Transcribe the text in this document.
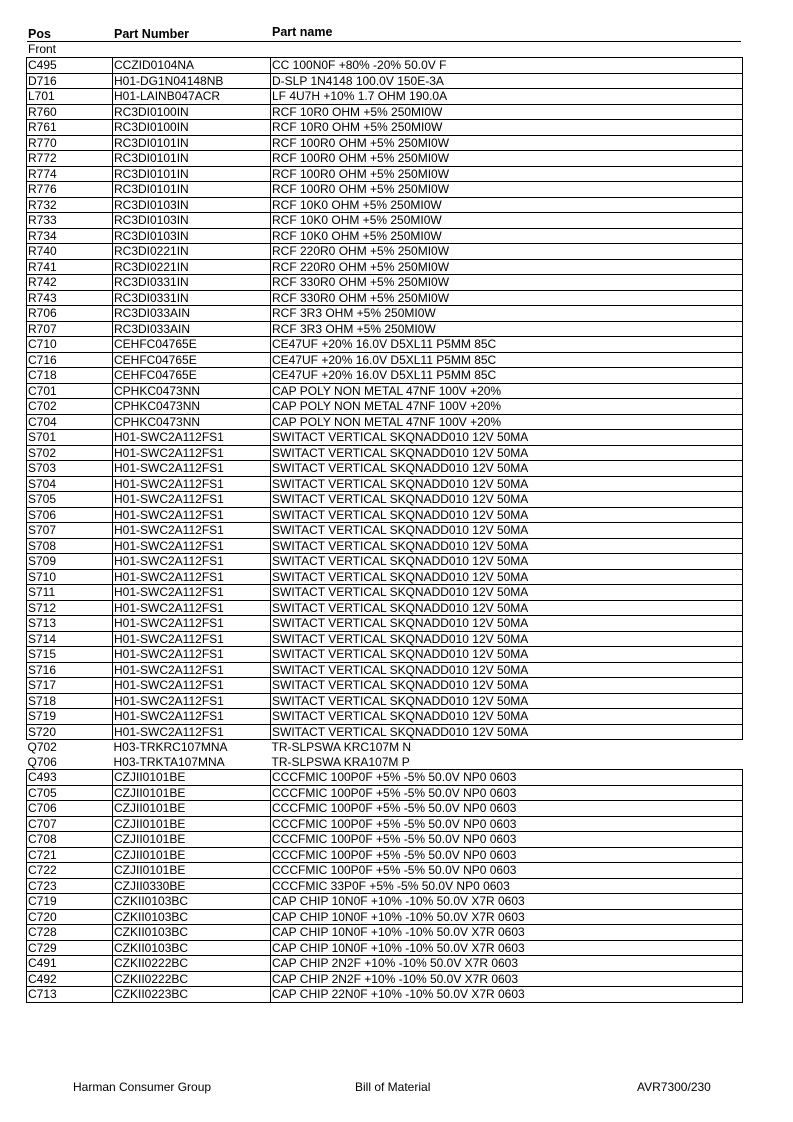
Pos	Part Number	Part name
Front
C495	CCZID0104NA	CC 100N0F +80% -20% 50.0V F
D716	H01-DG1N04148NB	D-SLP 1N4148 100.0V 150E-3A
L701	H01-LAINB047ACR	LF 4U7H +10% 1.7 OHM 190.0A
R760	RC3DI0100IN	RCF 10R0 OHM +5% 250MI0W
R761	RC3DI0100IN	RCF 10R0 OHM +5% 250MI0W
R770	RC3DI0101IN	RCF 100R0 OHM +5% 250MI0W
R772	RC3DI0101IN	RCF 100R0 OHM +5% 250MI0W
R774	RC3DI0101IN	RCF 100R0 OHM +5% 250MI0W
R776	RC3DI0101IN	RCF 100R0 OHM +5% 250MI0W
R732	RC3DI0103IN	RCF 10K0 OHM +5% 250MI0W
R733	RC3DI0103IN	RCF 10K0 OHM +5% 250MI0W
R734	RC3DI0103IN	RCF 10K0 OHM +5% 250MI0W
R740	RC3DI0221IN	RCF 220R0 OHM +5% 250MI0W
R741	RC3DI0221IN	RCF 220R0 OHM +5% 250MI0W
R742	RC3DI0331IN	RCF 330R0 OHM +5% 250MI0W
R743	RC3DI0331IN	RCF 330R0 OHM +5% 250MI0W
R706	RC3DI033AIN	RCF 3R3 OHM +5% 250MI0W
R707	RC3DI033AIN	RCF 3R3 OHM +5% 250MI0W
C710	CEHFC04765E	CE47UF +20% 16.0V D5XL11 P5MM 85C
C716	CEHFC04765E	CE47UF +20% 16.0V D5XL11 P5MM 85C
C718	CEHFC04765E	CE47UF +20% 16.0V D5XL11 P5MM 85C
C701	CPHKC0473NN	CAP POLY NON METAL 47NF 100V +20%
C702	CPHKC0473NN	CAP POLY NON METAL 47NF 100V +20%
C704	CPHKC0473NN	CAP POLY NON METAL 47NF 100V +20%
S701	H01-SWC2A112FS1	SWITACT VERTICAL SKQNADD010 12V 50MA
S702	H01-SWC2A112FS1	SWITACT VERTICAL SKQNADD010 12V 50MA
S703	H01-SWC2A112FS1	SWITACT VERTICAL SKQNADD010 12V 50MA
S704	H01-SWC2A112FS1	SWITACT VERTICAL SKQNADD010 12V 50MA
S705	H01-SWC2A112FS1	SWITACT VERTICAL SKQNADD010 12V 50MA
S706	H01-SWC2A112FS1	SWITACT VERTICAL SKQNADD010 12V 50MA
S707	H01-SWC2A112FS1	SWITACT VERTICAL SKQNADD010 12V 50MA
S708	H01-SWC2A112FS1	SWITACT VERTICAL SKQNADD010 12V 50MA
S709	H01-SWC2A112FS1	SWITACT VERTICAL SKQNADD010 12V 50MA
S710	H01-SWC2A112FS1	SWITACT VERTICAL SKQNADD010 12V 50MA
S711	H01-SWC2A112FS1	SWITACT VERTICAL SKQNADD010 12V 50MA
S712	H01-SWC2A112FS1	SWITACT VERTICAL SKQNADD010 12V 50MA
S713	H01-SWC2A112FS1	SWITACT VERTICAL SKQNADD010 12V 50MA
S714	H01-SWC2A112FS1	SWITACT VERTICAL SKQNADD010 12V 50MA
S715	H01-SWC2A112FS1	SWITACT VERTICAL SKQNADD010 12V 50MA
S716	H01-SWC2A112FS1	SWITACT VERTICAL SKQNADD010 12V 50MA
S717	H01-SWC2A112FS1	SWITACT VERTICAL SKQNADD010 12V 50MA
S718	H01-SWC2A112FS1	SWITACT VERTICAL SKQNADD010 12V 50MA
S719	H01-SWC2A112FS1	SWITACT VERTICAL SKQNADD010 12V 50MA
S720	H01-SWC2A112FS1	SWITACT VERTICAL SKQNADD010 12V 50MA
Q702	H03-TRKRC107MNA	TR-SLPSWA KRC107M N
Q706	H03-TRKTA107MNA	TR-SLPSWA KRA107M P
C493	CZJII0101BE	CCCFMIC 100P0F +5% -5% 50.0V NP0 0603
C705	CZJII0101BE	CCCFMIC 100P0F +5% -5% 50.0V NP0 0603
C706	CZJII0101BE	CCCFMIC 100P0F +5% -5% 50.0V NP0 0603
C707	CZJII0101BE	CCCFMIC 100P0F +5% -5% 50.0V NP0 0603
C708	CZJII0101BE	CCCFMIC 100P0F +5% -5% 50.0V NP0 0603
C721	CZJII0101BE	CCCFMIC 100P0F +5% -5% 50.0V NP0 0603
C722	CZJII0101BE	CCCFMIC 100P0F +5% -5% 50.0V NP0 0603
C723	CZJII0330BE	CCCFMIC 33P0F +5% -5% 50.0V NP0 0603
C719	CZKII0103BC	CAP CHIP 10N0F +10% -10% 50.0V X7R 0603
C720	CZKII0103BC	CAP CHIP 10N0F +10% -10% 50.0V X7R 0603
C728	CZKII0103BC	CAP CHIP 10N0F +10% -10% 50.0V X7R 0603
C729	CZKII0103BC	CAP CHIP 10N0F +10% -10% 50.0V X7R 0603
C491	CZKII0222BC	CAP CHIP 2N2F +10% -10% 50.0V X7R 0603
C492	CZKII0222BC	CAP CHIP 2N2F +10% -10% 50.0V X7R 0603
C713	CZKII0223BC	CAP CHIP 22N0F +10% -10% 50.0V X7R 0603
Harman Consumer Group	Bill of Material	AVR7300/230
